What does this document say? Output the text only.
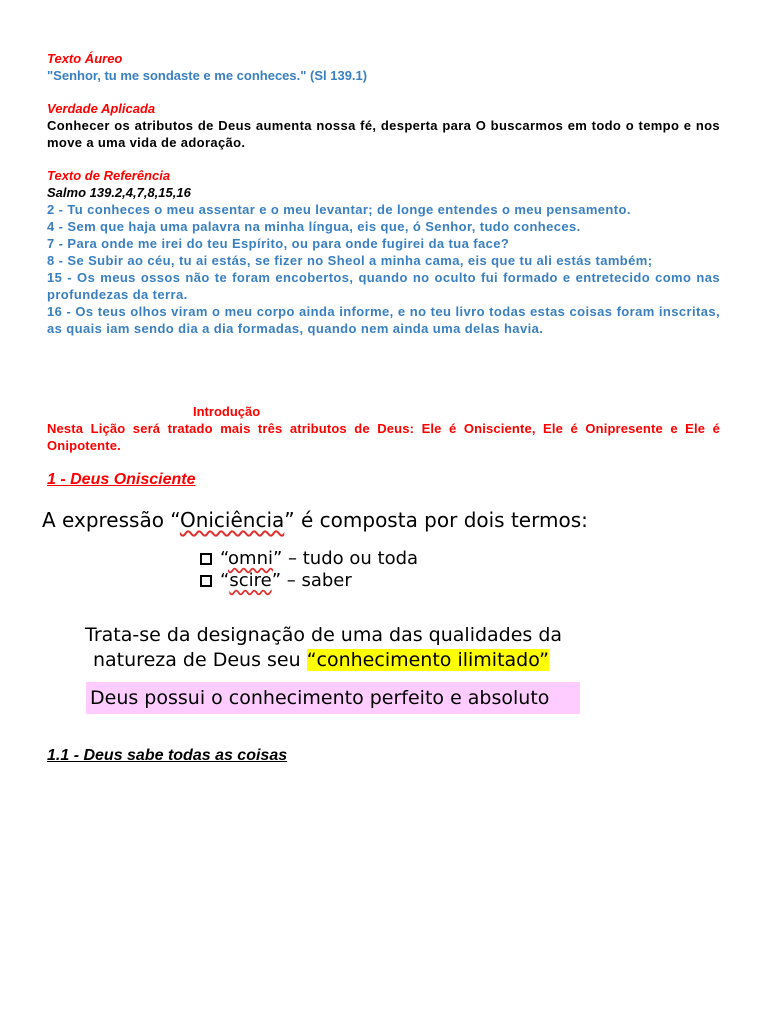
Texto Áureo
"Senhor, tu me sondaste e me conheces." (Sl 139.1)
Verdade Aplicada
Conhecer os atributos de Deus aumenta nossa fé, desperta para O buscarmos em todo o tempo e nos move a uma vida de adoração.
Texto de Referência
Salmo 139.2,4,7,8,15,16
2 - Tu conheces o meu assentar e o meu levantar; de longe entendes o meu pensamento.
4 - Sem que haja uma palavra na minha língua, eis que, ó Senhor, tudo conheces.
7 - Para onde me irei do teu Espírito, ou para onde fugirei da tua face?
8 - Se Subir ao céu, tu ai estás, se fizer no Sheol a minha cama, eis que tu ali estás também;
15 - Os meus ossos não te foram encobertos, quando no oculto fui formado e entretecido como nas profundezas da terra.
16 - Os teus olhos viram o meu corpo ainda informe, e no teu livro todas estas coisas foram inscritas, as quais iam sendo dia a dia formadas, quando nem ainda uma delas havia.
Introdução
Nesta Lição será tratado mais três atributos de Deus: Ele é Onisciente, Ele é Onipresente e Ele é Onipotente.
1 - Deus Onisciente
A expressão “Oniciência” é composta por dois termos:
“omni” – tudo ou toda
“scire” – saber
Trata-se da designação de uma das qualidades da
natureza de Deus seu “conhecimento ilimitado”
Deus possui o conhecimento perfeito e absoluto
1.1 - Deus sabe todas as coisas
